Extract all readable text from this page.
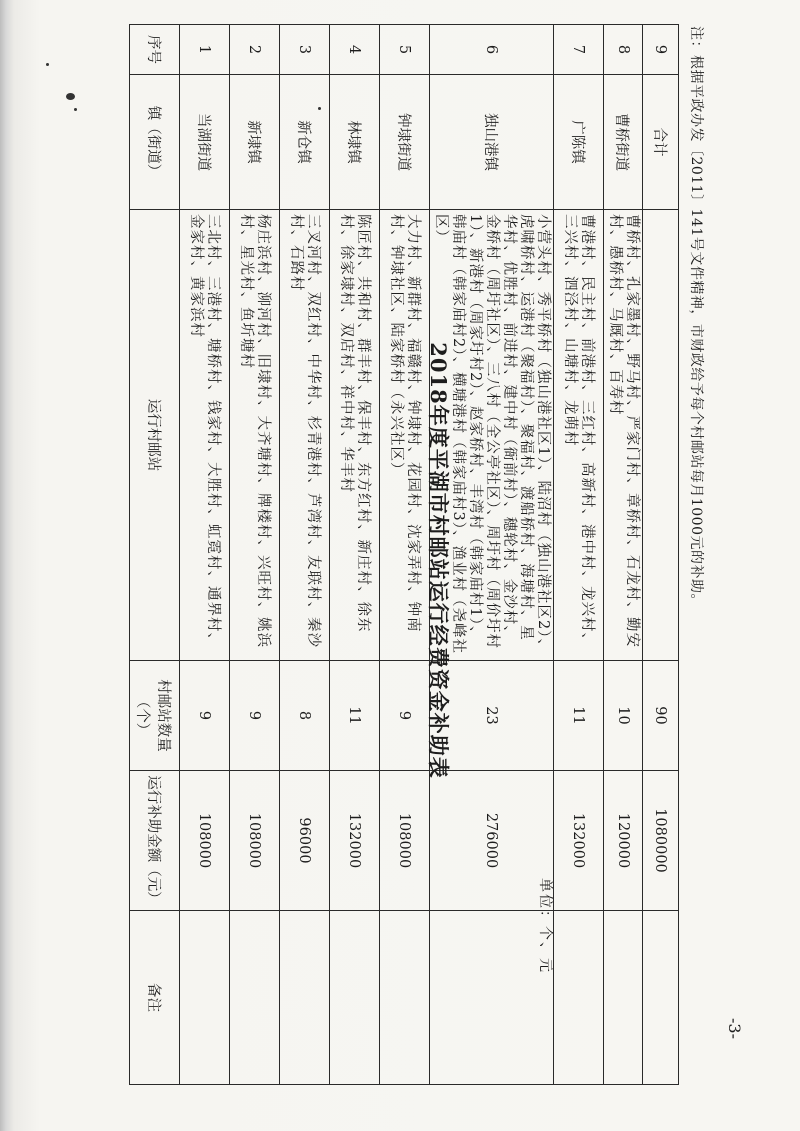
-3-
注：根据平政办发〔2011〕141号文件精神，市财政给予每个村邮站每月1000元的补助。
9	合计		90	1080000	
8	曹桥街道	曹桥村、孔家墨村、野马村、严家门村、章桥村、石龙村、勤安村、愚桥村、马厩村、百寿村	10	120000	
7	广陈镇	曹港村、民主村、前港村、三红村、高新村、港中村、龙兴村、三兴村、泗泾村、山塘村、龙萌村	11	132000	
6	独山港镇	小营头村、秀平桥村（独山港社区1）、陆沼村（独山港社区2）、虎啸桥村、运港村（聚福村）、聚福村、渡船桥村、海塘村、星华村、优胜村、前进村、建中村（衙前村）、穗轮村、金沙村、金桥村（周圩社区）、三八村（全公亭社区）、周圩村（周价圩村1）、新港村（周家圩村2）、赵家桥村、丰湾村（韩家庙村1）、韩庙村（韩家庙村2）、横塘港村（韩家庙村3）、渔业村（尧峰社区）	23	276000	
5	钟埭街道	大力村、新群村、福赣村、钟埭村、花园村、沈家弄村、钟南村、钟埭社区、陆家桥村（永兴社区）	9	108000	
4	林埭镇	陈匠村、共和村、群丰村、保丰村、东方红村、新庄村、徐东村、徐家埭村、双店村、祥中村、华丰村	11	132000	
3	新仓镇	三叉河村、双红村、中华村、杉青港村、芦湾村、友联村、秦沙村、石路村	8	96000	
2	新埭镇	杨庄浜村、泖河村、旧埭村、大齐塘村、牌楼村、兴旺村、姚浜村、星光村、鱼圻塘村	9	108000	
1	当湖街道	三北村、三港村、塘桥村、钱家村、大胜村、虹霓村、通界村、金家村、黄家浜村	9	108000	
序号	镇（街道）	运行村邮站	村邮站数量（个）	运行补助金额（元）	备注
2018年度平湖市村邮站运行经费资金补助表
单位：个、元
